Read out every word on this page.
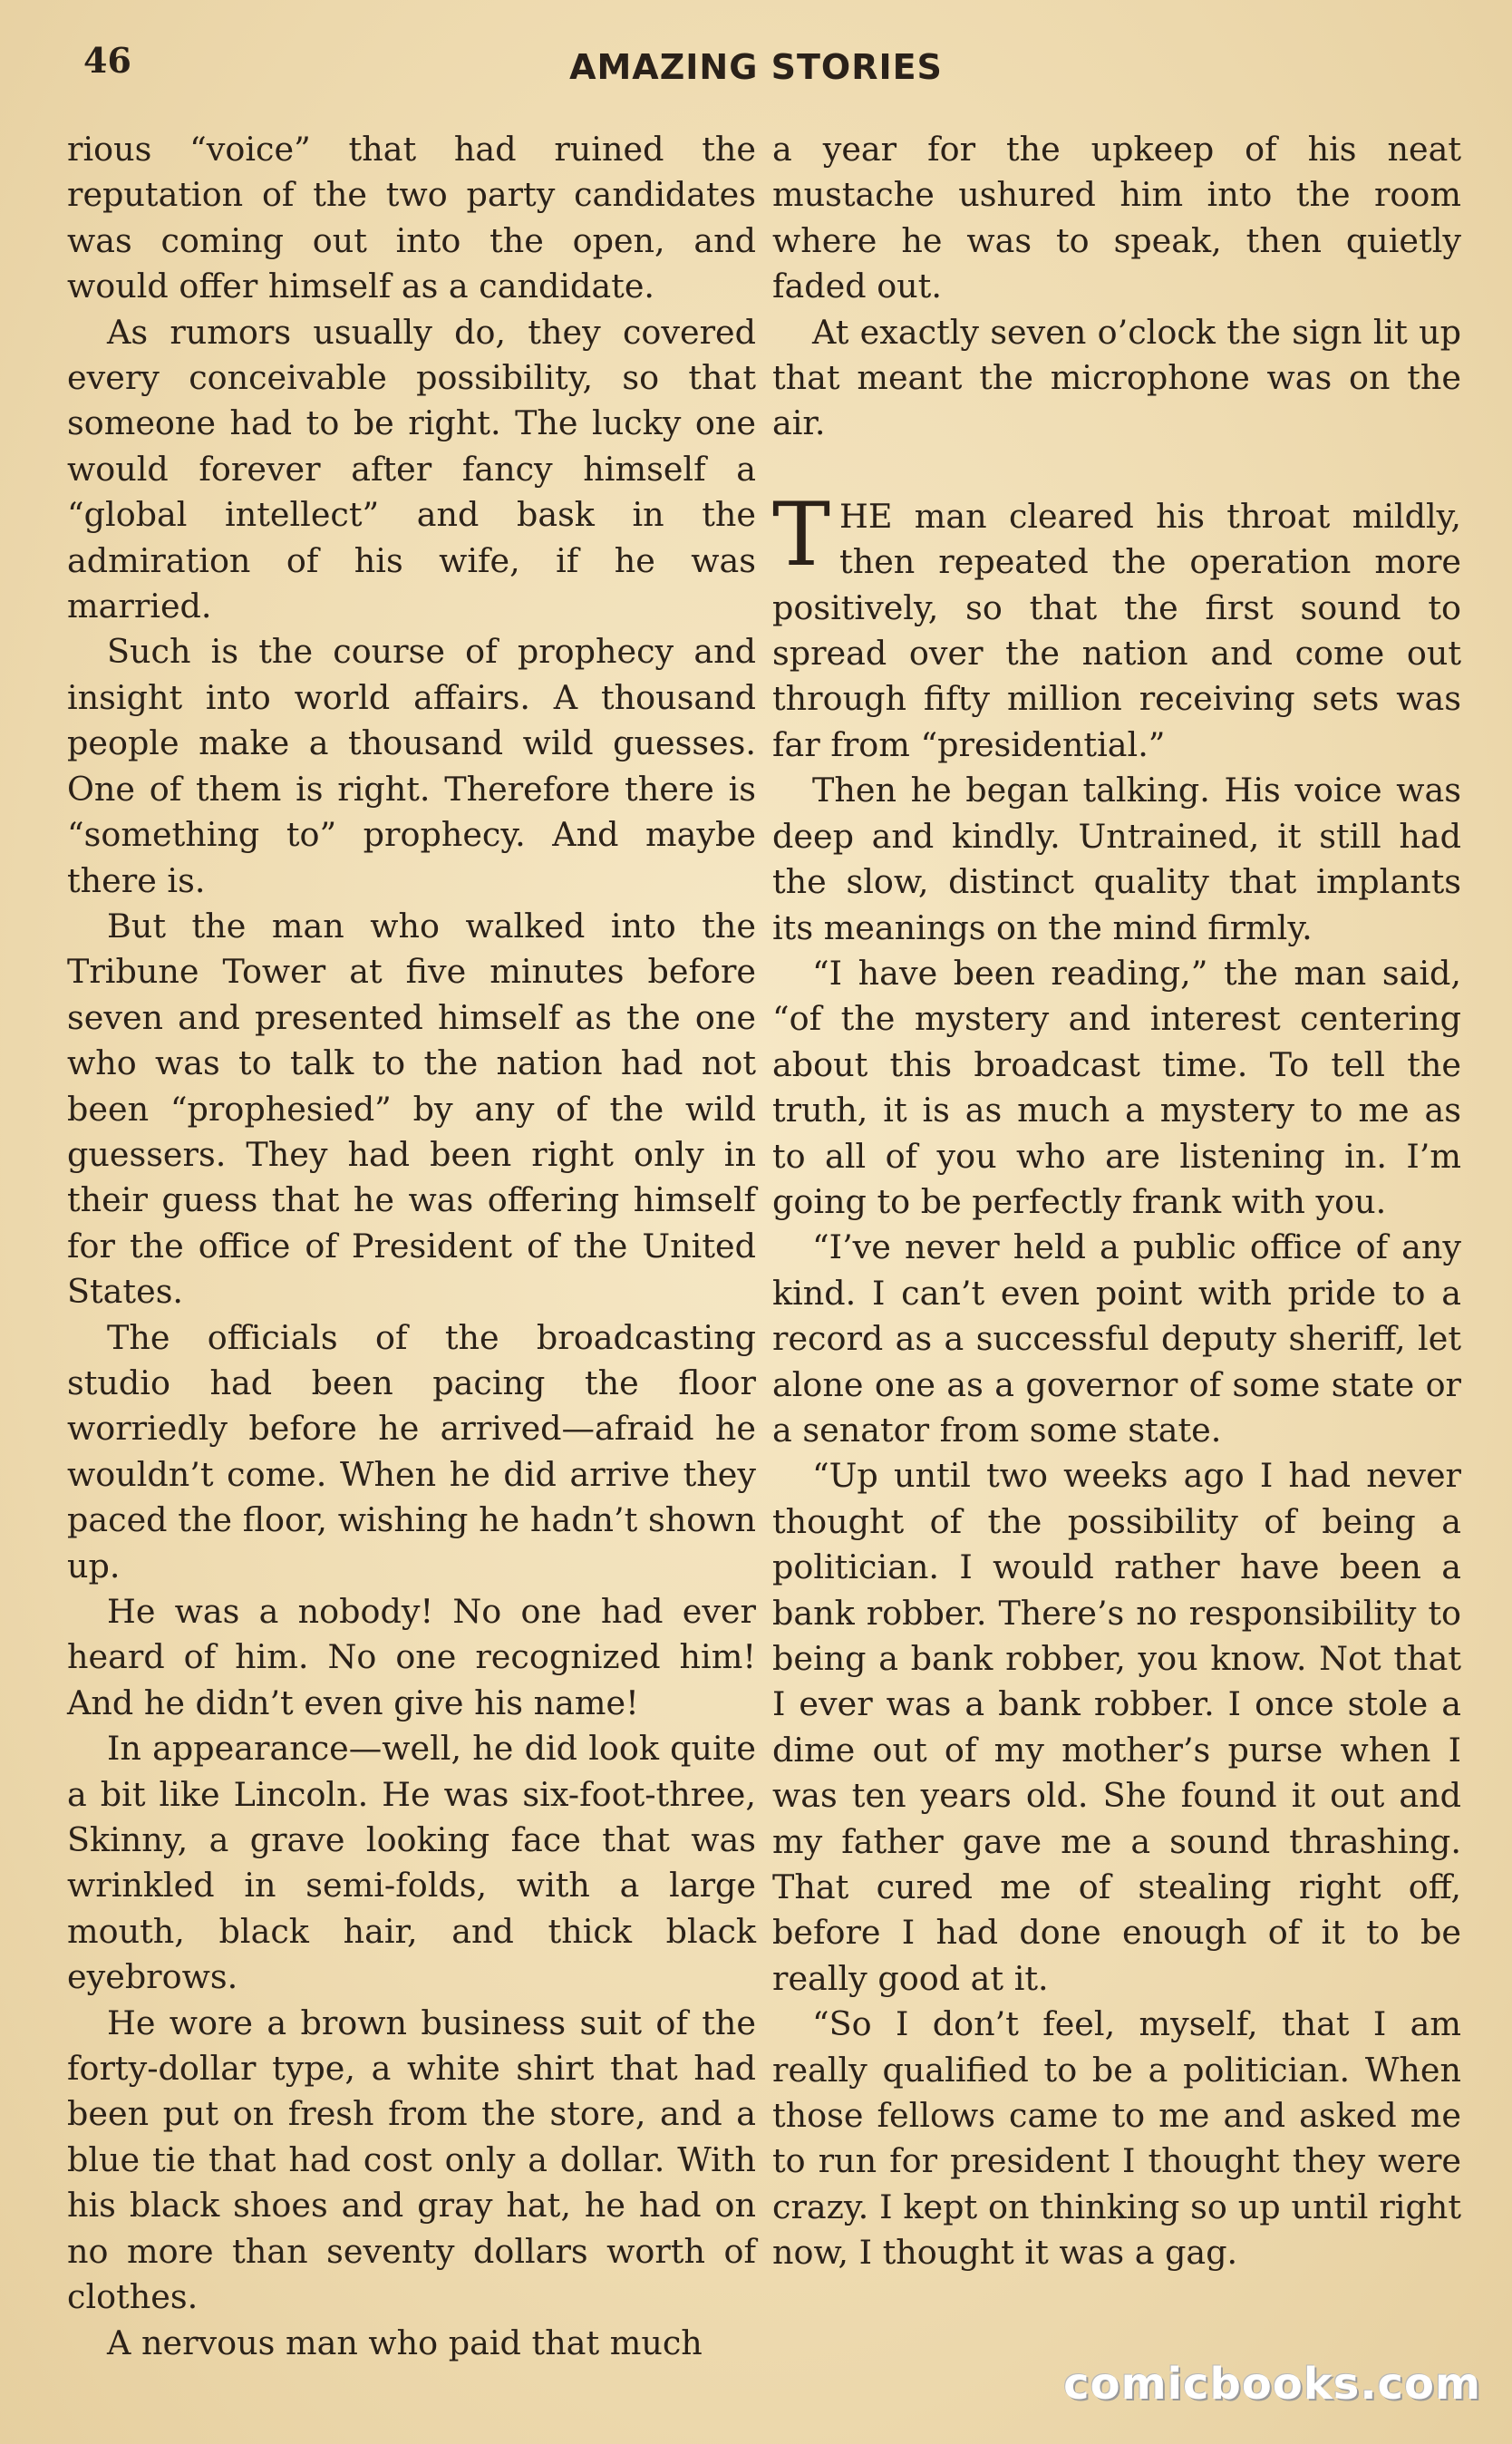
46	AMAZING STORIES

rious “voice” that had ruined the reputation of the two party candidates was coming out into the open, and would offer himself as a candidate.

As rumors usually do, they covered every conceivable possibility, so that someone had to be right. The lucky one would forever after fancy himself a “global intellect” and bask in the admiration of his wife, if he was married.

Such is the course of prophecy and insight into world affairs. A thousand people make a thousand wild guesses. One of them is right. Therefore there is “something to” prophecy. And maybe there is.

But the man who walked into the Tribune Tower at five minutes before seven and presented himself as the one who was to talk to the nation had not been “prophesied” by any of the wild guessers. They had been right only in their guess that he was offering himself for the office of President of the United States.

The officials of the broadcasting studio had been pacing the floor worriedly before he arrived—afraid he wouldn’t come. When he did arrive they paced the floor, wishing he hadn’t shown up.

He was a nobody! No one had ever heard of him. No one recognized him! And he didn’t even give his name!

In appearance—well, he did look quite a bit like Lincoln. He was six-foot-three, Skinny, a grave looking face that was wrinkled in semi-folds, with a large mouth, black hair, and thick black eyebrows.

He wore a brown business suit of the forty-dollar type, a white shirt that had been put on fresh from the store, and a blue tie that had cost only a dollar. With his black shoes and gray hat, he had on no more than seventy dollars worth of clothes.

A nervous man who paid that much

a year for the upkeep of his neat mustache ushured him into the room where he was to speak, then quietly faded out.

At exactly seven o’clock the sign lit up that meant the microphone was on the air.

THE man cleared his throat mildly, then repeated the operation more positively, so that the first sound to spread over the nation and come out through fifty million receiving sets was far from “presidential.”

Then he began talking. His voice was deep and kindly. Untrained, it still had the slow, distinct quality that implants its meanings on the mind firmly.

“I have been reading,” the man said, “of the mystery and interest centering about this broadcast time. To tell the truth, it is as much a mystery to me as to all of you who are listening in. I’m going to be perfectly frank with you.

“I’ve never held a public office of any kind. I can’t even point with pride to a record as a successful deputy sheriff, let alone one as a governor of some state or a senator from some state.

“Up until two weeks ago I had never thought of the possibility of being a politician. I would rather have been a bank robber. There’s no responsibility to being a bank robber, you know. Not that I ever was a bank robber. I once stole a dime out of my mother’s purse when I was ten years old. She found it out and my father gave me a sound thrashing. That cured me of stealing right off, before I had done enough of it to be really good at it.

“So I don’t feel, myself, that I am really qualified to be a politician. When those fellows came to me and asked me to run for president I thought they were crazy. I kept on thinking so up until right now, I thought it was a gag.

comicbooks.com
